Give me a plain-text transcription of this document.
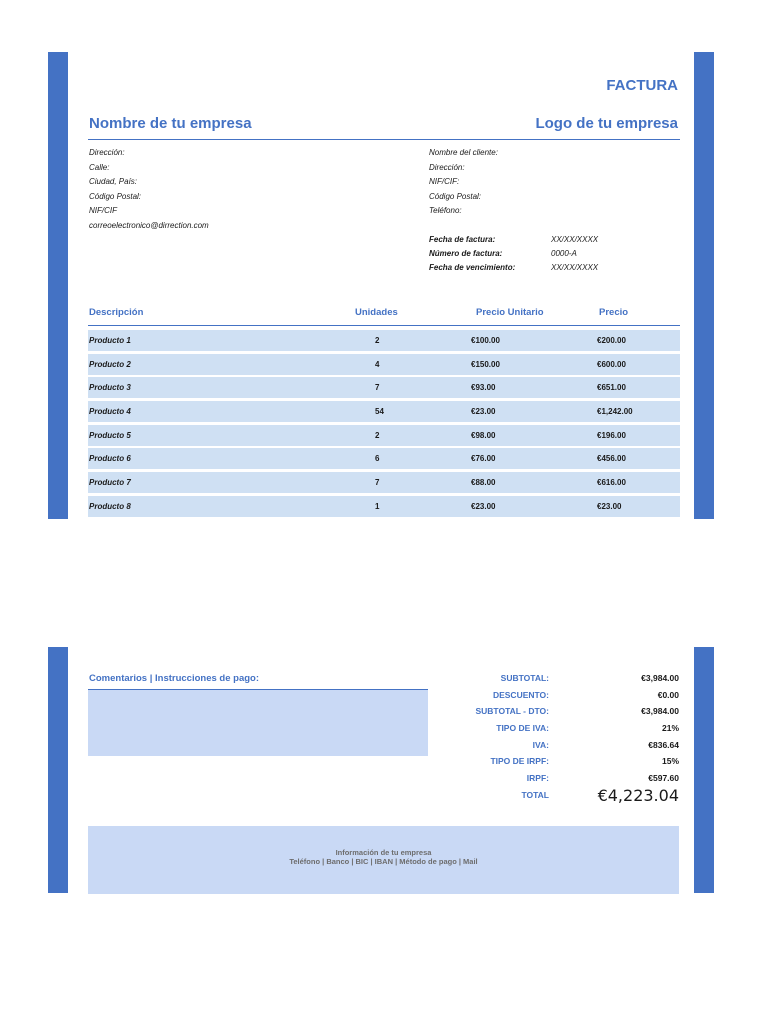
FACTURA
Nombre de tu empresa	Logo de tu empresa
Dirección:
Calle:
Ciudad, País:
Código Postal:
NIF/CIF
correoelectronico@dirrection.com
Nombre del cliente:
Dirección:
NIF/CIF:
Código Postal:
Teléfono:
Fecha de factura:	XX/XX/XXXX
Número de factura:	0000-A
Fecha de vencimiento:	XX/XX/XXXX
Descripción	Unidades	Precio Unitario	Precio
Producto 1	2	€100.00	€200.00
Producto 2	4	€150.00	€600.00
Producto 3	7	€93.00	€651.00
Producto 4	54	€23.00	€1,242.00
Producto 5	2	€98.00	€196.00
Producto 6	6	€76.00	€456.00
Producto 7	7	€88.00	€616.00
Producto 8	1	€23.00	€23.00
Comentarios | Instrucciones de pago:	SUBTOTAL:	€3,984.00
DESCUENTO:	€0.00
SUBTOTAL - DTO:	€3,984.00
TIPO DE IVA:	21%
IVA:	€836.64
TIPO DE IRPF:	15%
IRPF:	€597.60
TOTAL	€4,223.04
Información de tu empresa
Teléfono | Banco | BIC | IBAN | Método de pago | Mail
